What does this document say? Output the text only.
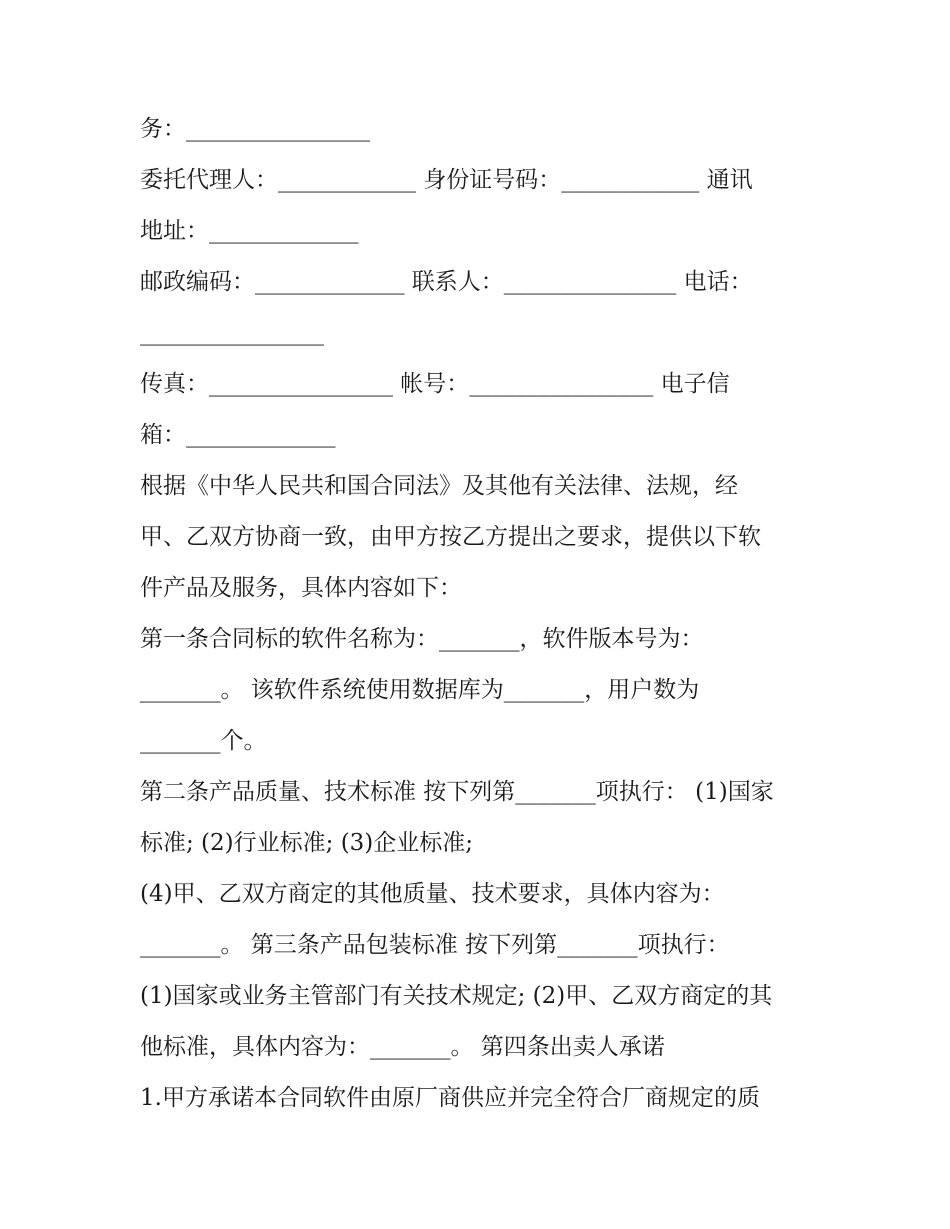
务：________________
委托代理人：____________ 身份证号码：____________ 通讯
地址：_____________
邮政编码：_____________ 联系人：_______________ 电话：
________________
传真：________________ 帐号：________________ 电子信
箱：_____________
根据《中华人民共和国合同法》及其他有关法律、法规，经
甲、乙双方协商一致，由甲方按乙方提出之要求，提供以下软
件产品及服务，具体内容如下：
第一条合同标的软件名称为：_______，软件版本号为：
_______。 该软件系统使用数据库为_______，用户数为
_______个。
第二条产品质量、技术标准 按下列第_______项执行： (1)国家
标准; (2)行业标准; (3)企业标准;
(4)甲、乙双方商定的其他质量、技术要求，具体内容为：
_______。 第三条产品包装标准 按下列第_______项执行：
(1)国家或业务主管部门有关技术规定; (2)甲、乙双方商定的其
他标准，具体内容为：_______。 第四条出卖人承诺
1.甲方承诺本合同软件由原厂商供应并完全符合厂商规定的质
